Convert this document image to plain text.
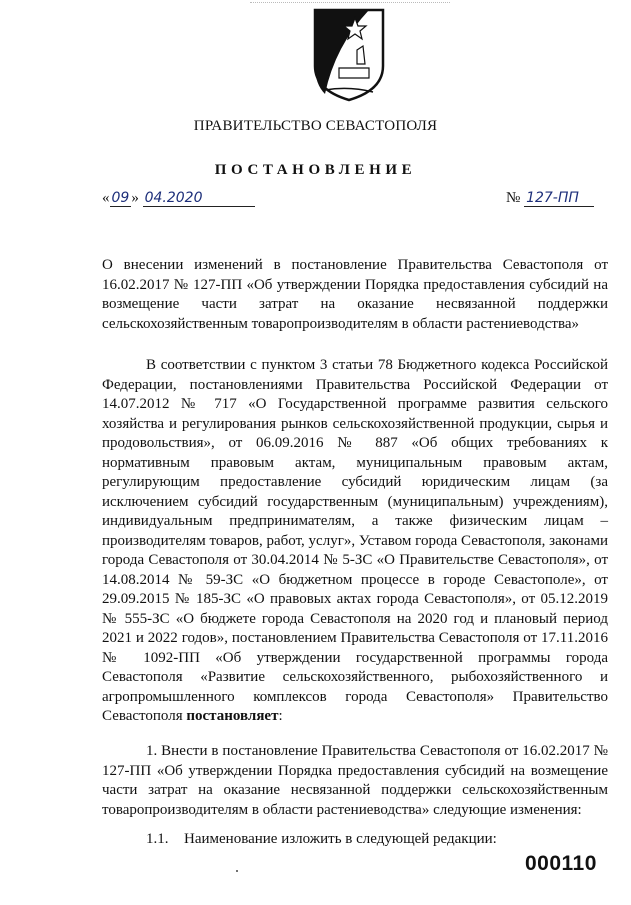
ПРАВИТЕЛЬСТВО СЕВАСТОПОЛЯ
ПОСТАНОВЛЕНИЕ
« 09 » 04.2020	№ 127-ПП
О внесении изменений в постановление Правительства Севастополя от 16.02.2017 № 127-ПП «Об утверждении Порядка предоставления субсидий на возмещение части затрат на оказание несвязанной поддержки сельскохозяйственным товаропроизводителям в области растениеводства»
В соответствии с пунктом 3 статьи 78 Бюджетного кодекса Российской Федерации, постановлениями Правительства Российской Федерации от 14.07.2012 № 717 «О Государственной программе развития сельского хозяйства и регулирования рынков сельскохозяйственной продукции, сырья и продовольствия», от 06.09.2016 № 887 «Об общих требованиях к нормативным правовым актам, муниципальным правовым актам, регулирующим предоставление субсидий юридическим лицам (за исключением субсидий государственным (муниципальным) учреждениям), индивидуальным предпринимателям, а также физическим лицам – производителям товаров, работ, услуг», Уставом города Севастополя, законами города Севастополя от 30.04.2014 № 5-ЗС «О Правительстве Севастополя», от 14.08.2014 № 59-ЗС «О бюджетном процессе в городе Севастополе», от 29.09.2015 № 185-ЗС «О правовых актах города Севастополя», от 05.12.2019 № 555-ЗС «О бюджете города Севастополя на 2020 год и плановый период 2021 и 2022 годов», постановлением Правительства Севастополя от 17.11.2016 № 1092-ПП «Об утверждении государственной программы города Севастополя «Развитие сельскохозяйственного, рыбохозяйственного и агропромышленного комплексов города Севастополя» Правительство Севастополя постановляет:
1. Внести в постановление Правительства Севастополя от 16.02.2017 № 127-ПП «Об утверждении Порядка предоставления субсидий на возмещение части затрат на оказание несвязанной поддержки сельскохозяйственным товаропроизводителям в области растениеводства» следующие изменения:
1.1. Наименование изложить в следующей редакции:
000110
